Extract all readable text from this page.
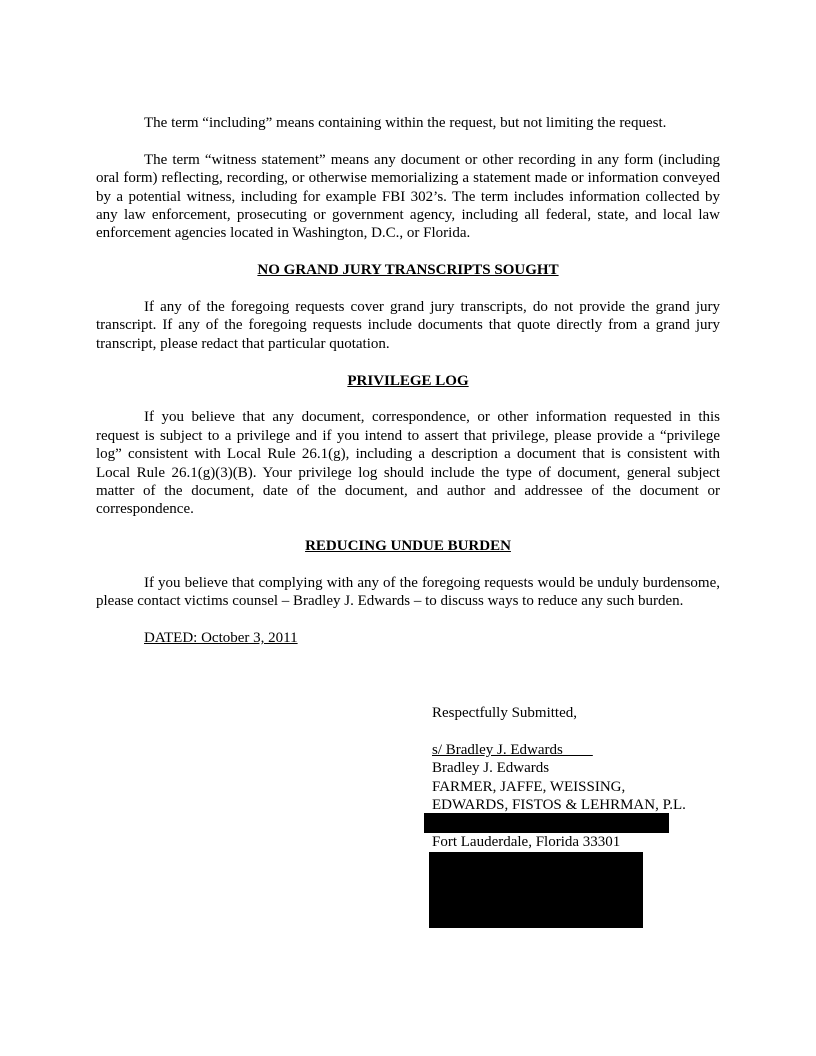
The term “including” means containing within the request, but not limiting the request.

The term “witness statement” means any document or other recording in any form (including oral form) reflecting, recording, or otherwise memorializing a statement made or information conveyed by a potential witness, including for example FBI 302’s. The term includes information collected by any law enforcement, prosecuting or government agency, including all federal, state, and local law enforcement agencies located in Washington, D.C., or Florida.

NO GRAND JURY TRANSCRIPTS SOUGHT

If any of the foregoing requests cover grand jury transcripts, do not provide the grand jury transcript. If any of the foregoing requests include documents that quote directly from a grand jury transcript, please redact that particular quotation.

PRIVILEGE LOG

If you believe that any document, correspondence, or other information requested in this request is subject to a privilege and if you intend to assert that privilege, please provide a “privilege log” consistent with Local Rule 26.1(g), including a description a document that is consistent with Local Rule 26.1(g)(3)(B). Your privilege log should include the type of document, general subject matter of the document, date of the document, and author and addressee of the document or correspondence.

REDUCING UNDUE BURDEN

If you believe that complying with any of the foregoing requests would be unduly burdensome, please contact victims counsel – Bradley J. Edwards – to discuss ways to reduce any such burden.

DATED: October 3, 2011

Respectfully Submitted,
s/ Bradley J. Edwards
Bradley J. Edwards
FARMER, JAFFE, WEISSING,
EDWARDS, FISTOS & LEHRMAN, P.L.
Fort Lauderdale, Florida 33301
